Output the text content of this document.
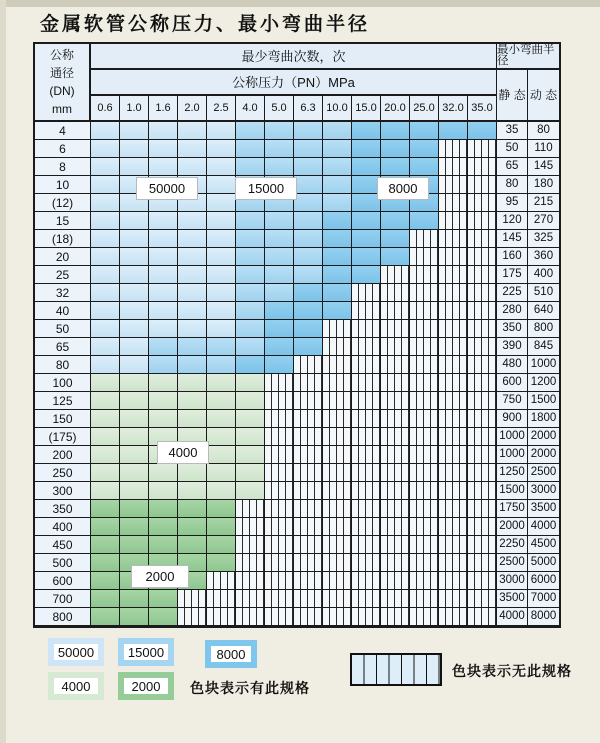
金属软管公称压力、最小弯曲半径
公称
通径
(DN)
mm
最少弯曲次数，次	最小弯曲半径
公称压力（PN）MPa
静 态 动 态
0.6	1.0	1.6	2.0	2.5	4.0	5.0	6.3 10.0 15.0 20.0 25.0 32.0 35.0
4	35	80
6	50	110
8	65	145
10	80	180
(12)	95	215
15	120	270
(18)	145	325
20	160	360
25	175	400
32	225	510
40	280	640
50	350	800
65	390	845
80	480 1000
100	600 1200
125	750 1500
150	900 1800
(175)	1000 2000
200	1000 2000
250	1250 2500
300	1500 3000
350	1750 3500
400	2000 4000
450	2250 4500
500	2500 5000
600	3000 6000
700	3500 7000
800	4000 8000
50000	15000	8000
4000
2000
色块表示有此规格
色块表示无此规格
50000	15000	8000
4000	2000
